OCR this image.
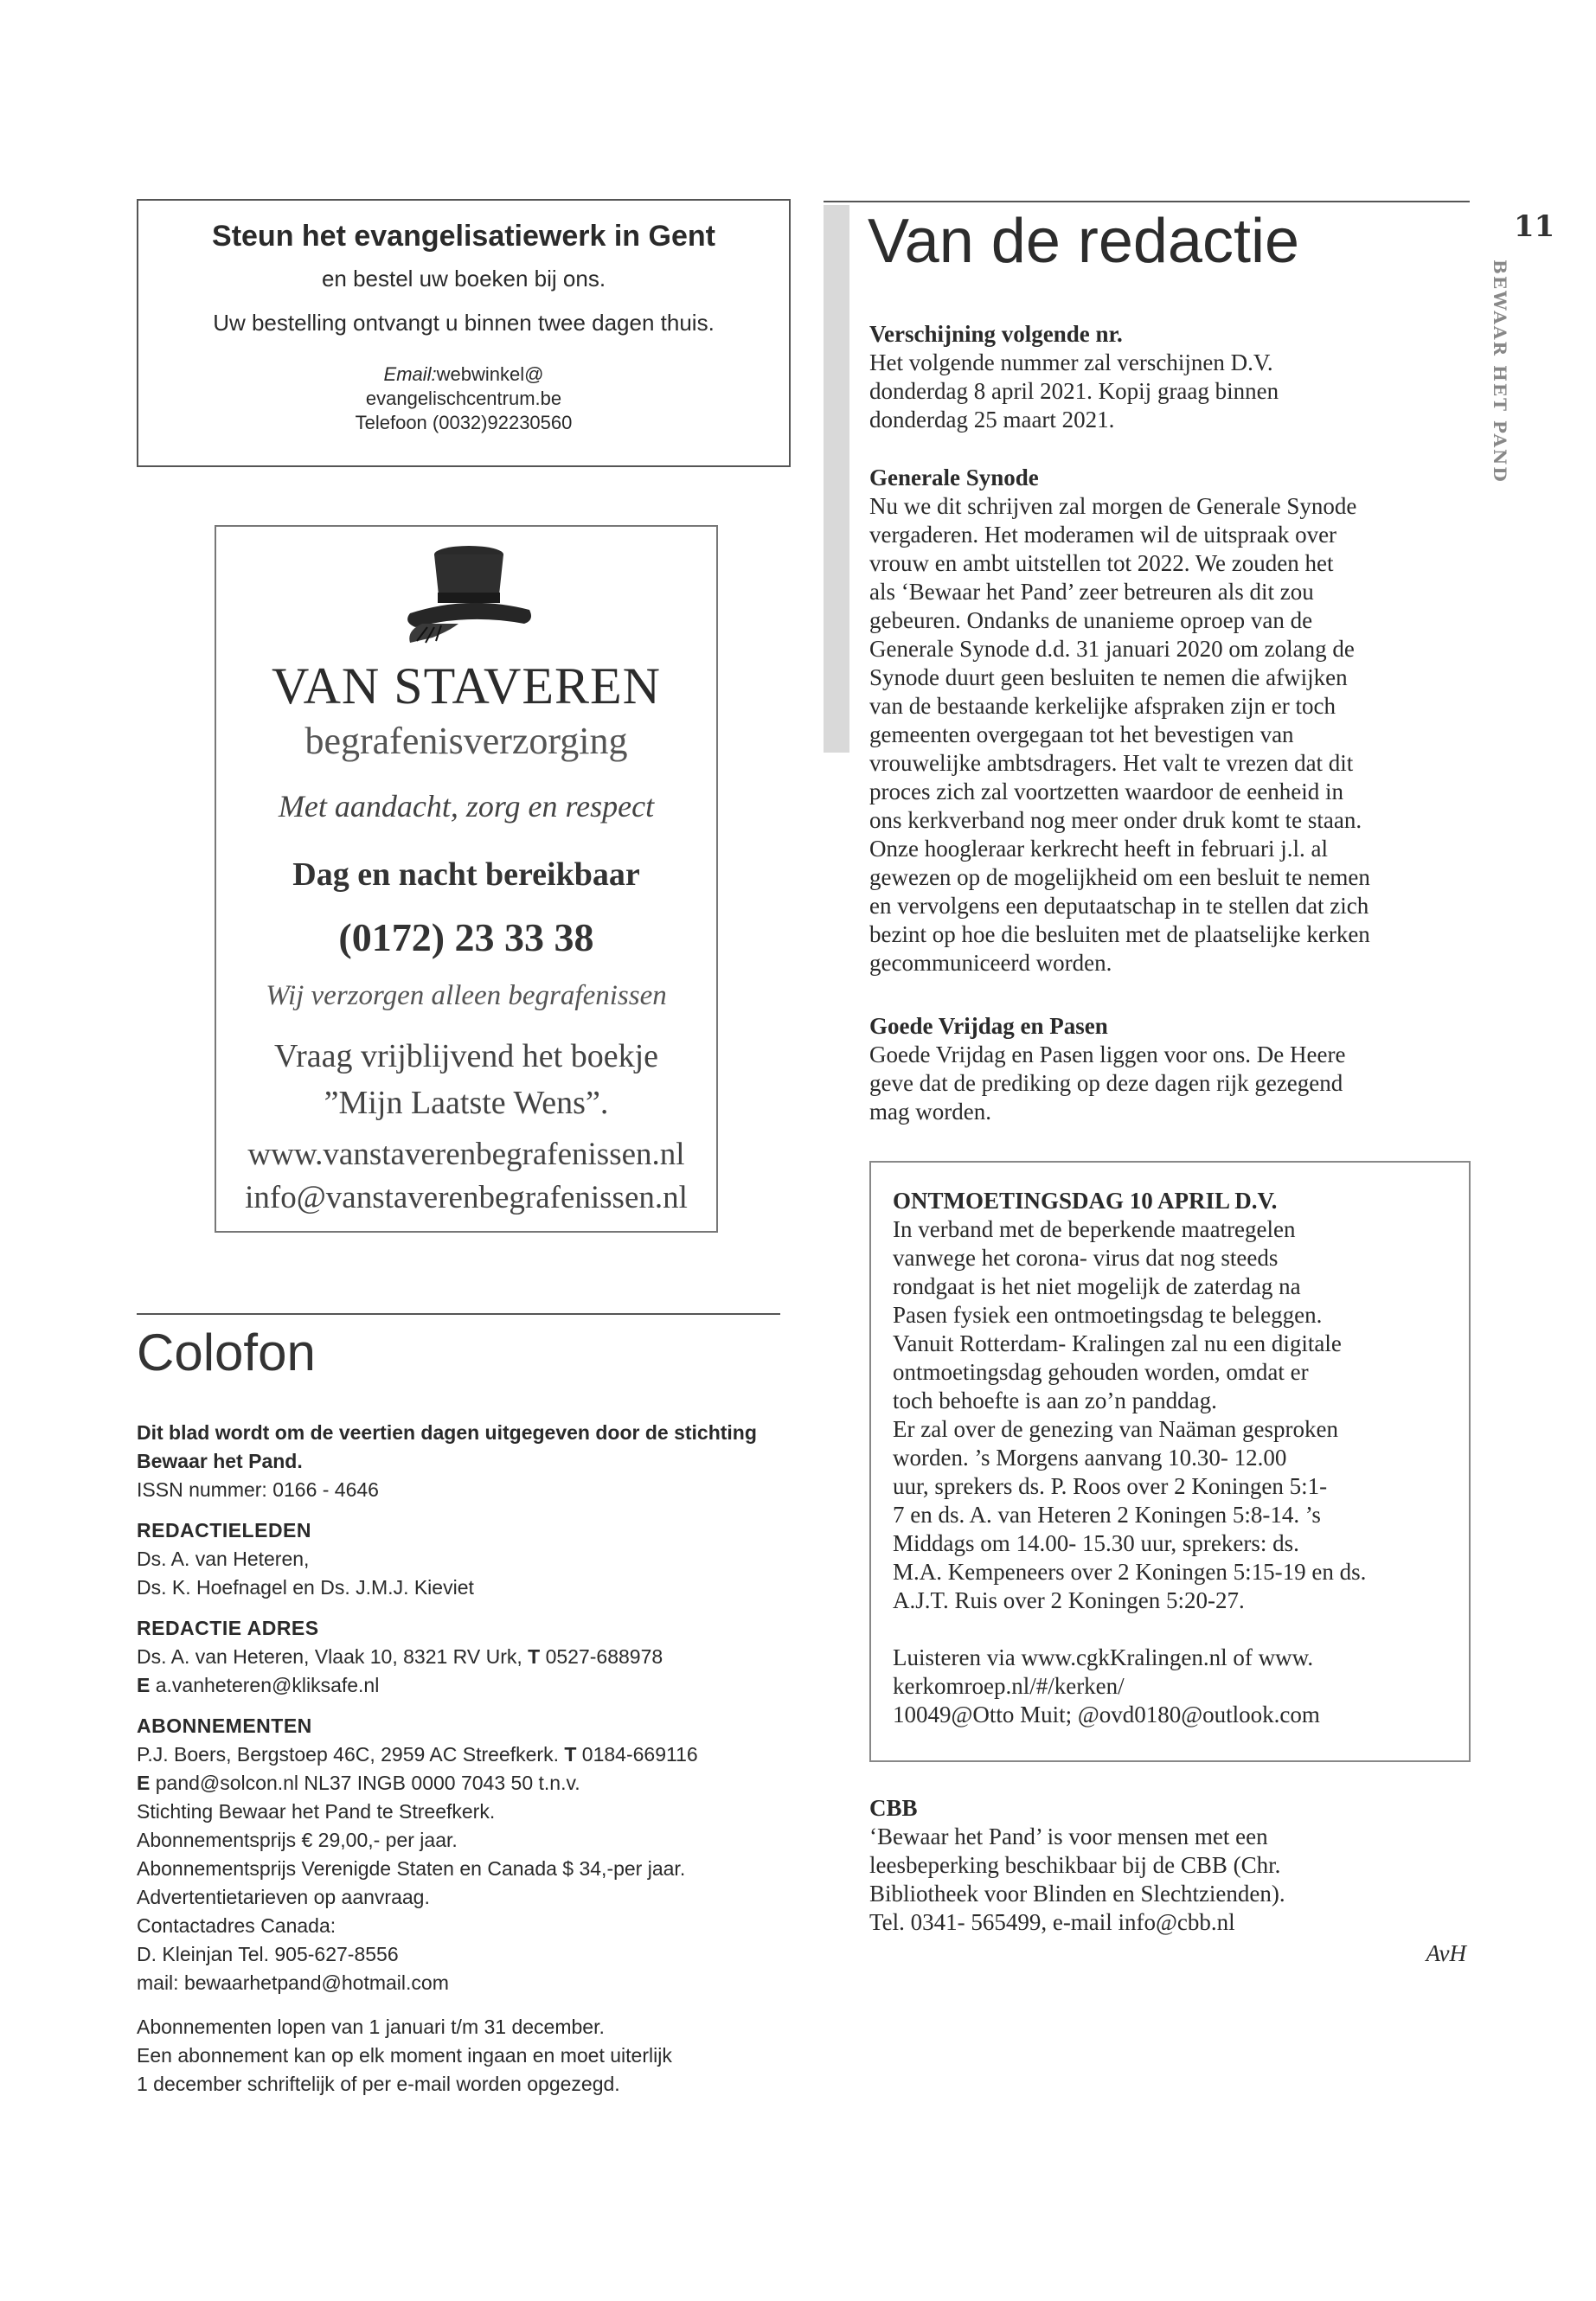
Steun het evangelisatiewerk in Gent
en bestel uw boeken bij ons.
Uw bestelling ontvangt u binnen twee dagen thuis.
Email:webwinkel@
evangelischcentrum.be
Telefoon (0032)92230560
VAN STAVEREN
begrafenisverzorging
Met aandacht, zorg en respect
Dag en nacht bereikbaar
(0172) 23 33 38
Wij verzorgen alleen begrafenissen
Vraag vrijblijvend het boekje
”Mijn Laatste Wens”.
www.vanstaverenbegrafenissen.nl
info@vanstaverenbegrafenissen.nl
Colofon
Dit blad wordt om de veertien dagen uitgegeven door de stichting Bewaar het Pand.
ISSN nummer: 0166 - 4646
REDACTIELEDEN
Ds. A. van Heteren,
Ds. K. Hoefnagel en Ds. J.M.J. Kieviet
REDACTIE ADRES
Ds. A. van Heteren, Vlaak 10, 8321 RV Urk, T 0527-688978
E a.vanheteren@kliksafe.nl
ABONNEMENTEN
P.J. Boers, Bergstoep 46C, 2959 AC Streefkerk. T 0184-669116
E pand@solcon.nl NL37 INGB 0000 7043 50 t.n.v.
Stichting Bewaar het Pand te Streefkerk.
Abonnementsprijs € 29,00,- per jaar.
Abonnementsprijs Verenigde Staten en Canada $ 34,-per jaar.
Advertentietarieven op aanvraag.
Contactadres Canada:
D. Kleinjan Tel. 905-627-8556
mail: bewaarhetpand@hotmail.com
Abonnementen lopen van 1 januari t/m 31 december.
Een abonnement kan op elk moment ingaan en moet uiterlijk
1 december schriftelijk of per e-mail worden opgezegd.
Van de redactie	11
BEWAAR HET PAND
Verschijning volgende nr.
Het volgende nummer zal verschijnen D.V.
donderdag 8 april 2021. Kopij graag binnen
donderdag 25 maart 2021.
Generale Synode
Nu we dit schrijven zal morgen de Generale Synode
vergaderen. Het moderamen wil de uitspraak over
vrouw en ambt uitstellen tot 2022. We zouden het
als ‘Bewaar het Pand’ zeer betreuren als dit zou
gebeuren. Ondanks de unanieme oproep van de
Generale Synode d.d. 31 januari 2020 om zolang de
Synode duurt geen besluiten te nemen die afwijken
van de bestaande kerkelijke afspraken zijn er toch
gemeenten overgegaan tot het bevestigen van
vrouwelijke ambtsdragers. Het valt te vrezen dat dit
proces zich zal voortzetten waardoor de eenheid in
ons kerkverband nog meer onder druk komt te staan.
Onze hoogleraar kerkrecht heeft in februari j.l. al
gewezen op de mogelijkheid om een besluit te nemen
en vervolgens een deputaatschap in te stellen dat zich
bezint op hoe die besluiten met de plaatselijke kerken
gecommuniceerd worden.
Goede Vrijdag en Pasen
Goede Vrijdag en Pasen liggen voor ons. De Heere
geve dat de prediking op deze dagen rijk gezegend
mag worden.
ONTMOETINGSDAG 10 APRIL D.V.
In verband met de beperkende maatregelen
vanwege het corona- virus dat nog steeds
rondgaat is het niet mogelijk de zaterdag na
Pasen fysiek een ontmoetingsdag te beleggen.
Vanuit Rotterdam- Kralingen zal nu een digitale
ontmoetingsdag gehouden worden, omdat er
toch behoefte is aan zo’n panddag.
Er zal over de genezing van Naäman gesproken
worden. ’s Morgens aanvang 10.30- 12.00
uur, sprekers ds. P. Roos over 2 Koningen 5:1-
7 en ds. A. van Heteren 2 Koningen 5:8-14. ’s
Middags om 14.00- 15.30 uur, sprekers: ds.
M.A. Kempeneers over 2 Koningen 5:15-19 en ds.
A.J.T. Ruis over 2 Koningen 5:20-27.
Luisteren via www.cgkKralingen.nl of www.
kerkomroep.nl/#/kerken/
10049@Otto Muit; @ovd0180@outlook.com
CBB
‘Bewaar het Pand’ is voor mensen met een
leesbeperking beschikbaar bij de CBB (Chr.
Bibliotheek voor Blinden en Slechtzienden).
Tel. 0341- 565499, e-mail info@cbb.nl
AvH
